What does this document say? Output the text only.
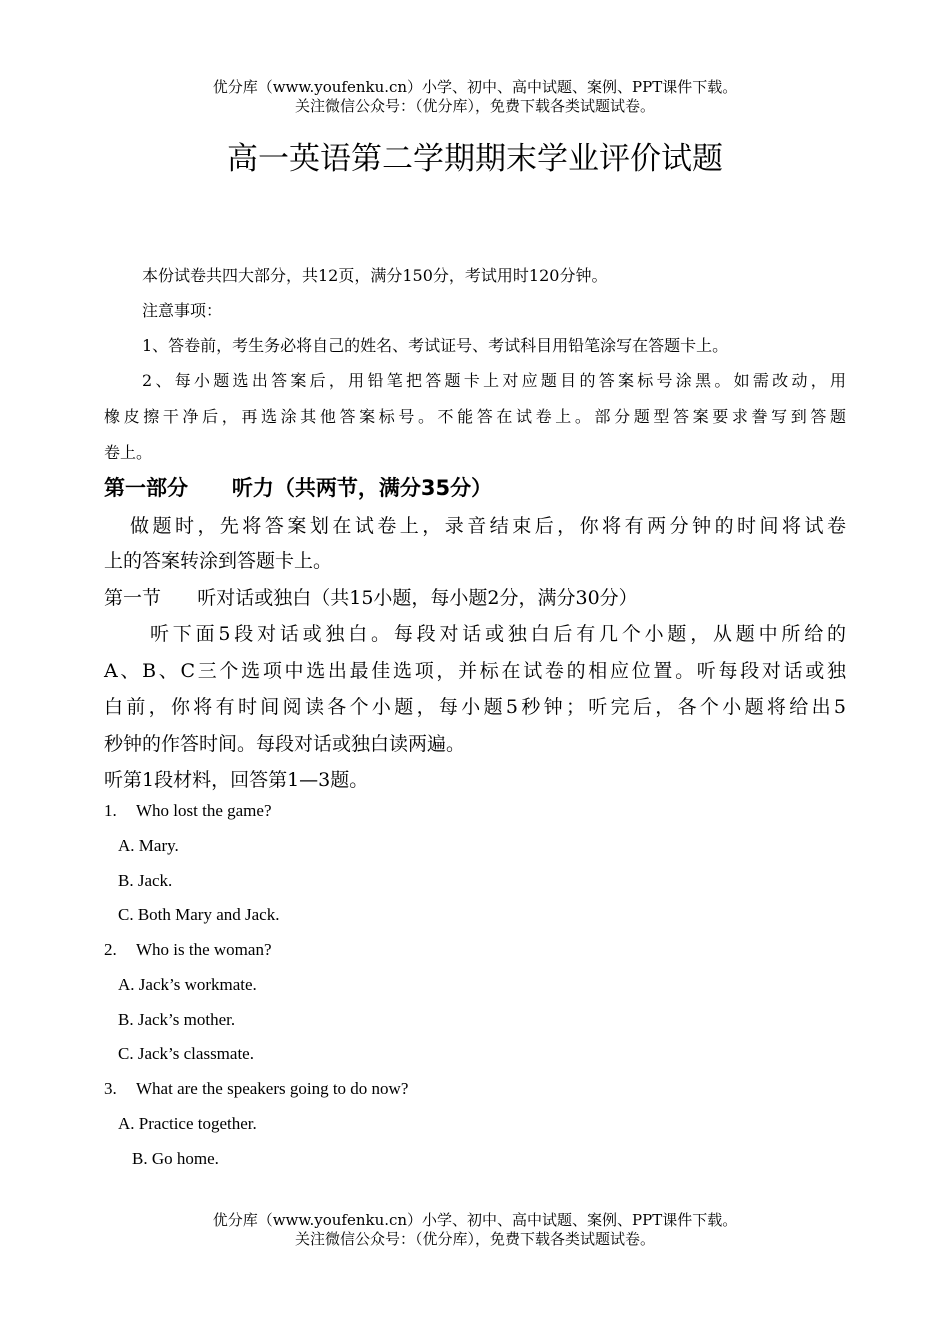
优分库（www.youfenku.cn）小学、初中、高中试题、案例、PPT课件下载。
关注微信公众号：（优分库），免费下载各类试题试卷。
高一英语第二学期期末学业评价试题
本份试卷共四大部分，共12页，满分150分，考试用时120分钟。
注意事项：
1、答卷前，考生务必将自己的姓名、考试证号、考试科目用铅笔涂写在答题卡上。
2、每小题选出答案后，用铅笔把答题卡上对应题目的答案标号涂黑。如需改动，用
橡皮擦干净后，再选涂其他答案标号。不能答在试卷上。部分题型答案要求誊写到答题
卷上。
第一部分      听力（共两节，满分35分）
做题时，先将答案划在试卷上，录音结束后，你将有两分钟的时间将试卷
上的答案转涂到答题卡上。
第一节      听对话或独白（共15小题，每小题2分，满分30分）
听下面5段对话或独白。每段对话或独白后有几个小题，从题中所给的
A、B、C三个选项中选出最佳选项，并标在试卷的相应位置。听每段对话或独
白前，你将有时间阅读各个小题，每小题5秒钟；听完后，各个小题将给出5
秒钟的作答时间。每段对话或独白读两遍。
听第1段材料，回答第1—3题。
1. Who lost the game?
A. Mary.
B. Jack.
C. Both Mary and Jack.
2. Who is the woman?
A. Jack’s workmate.
B. Jack’s mother.
C. Jack’s classmate.
3. What are the speakers going to do now?
A. Practice together.
B. Go home.
优分库（www.youfenku.cn）小学、初中、高中试题、案例、PPT课件下载。
关注微信公众号：（优分库），免费下载各类试题试卷。
